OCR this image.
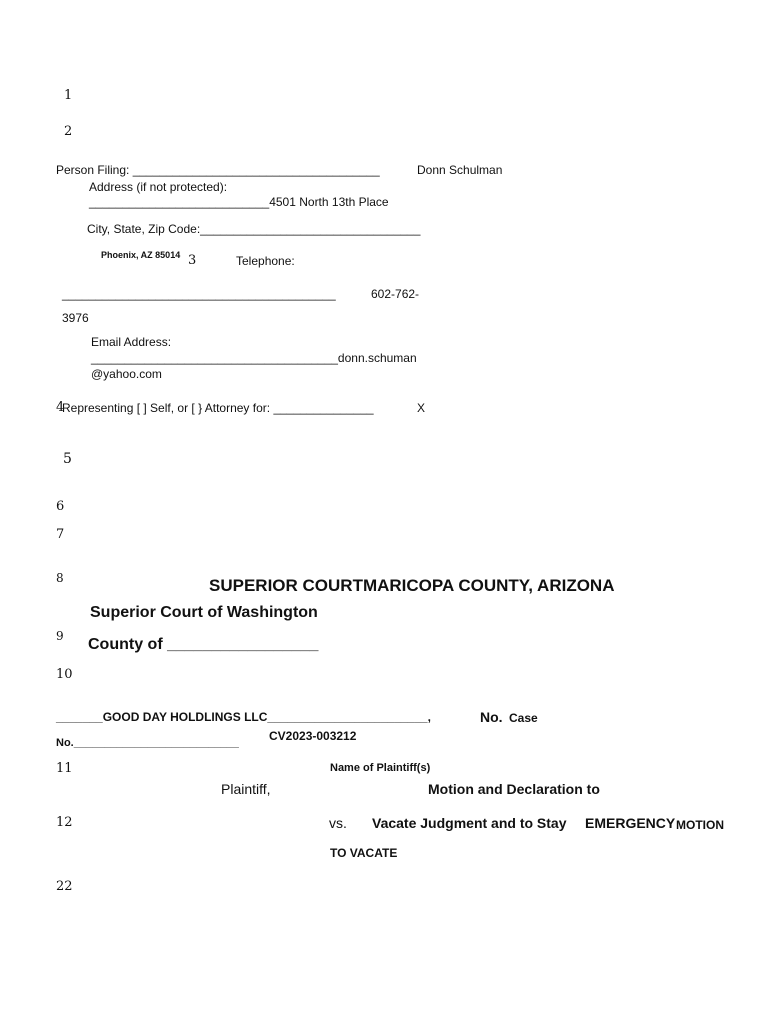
1
2
3
4
5
6
7
8
9
10
11
12
22
Person Filing: _____________________________________	Donn Schulman
Address (if not protected):
___________________________4501 North 13th Place
City, State, Zip Code:_________________________________
Phoenix, AZ 85014	Telephone:
_________________________________________	602-762-
3976
Email Address:
_____________________________________donn.schuman
@yahoo.com
Representing [ ] Self, or [ } Attorney for: _______________	X
SUPERIOR COURTMARICOPA COUNTY, ARIZONA
Superior Court of Washington
County of _________________
_______GOOD DAY HOLDLINGS LLC________________________,	No. Case
No.___________________________	CV2023-003212
Name of Plaintiff(s)
Plaintiff,	Motion and Declaration to
vs. Vacate Judgment and to Stay EMERGENCY MOTION
TO VACATE
